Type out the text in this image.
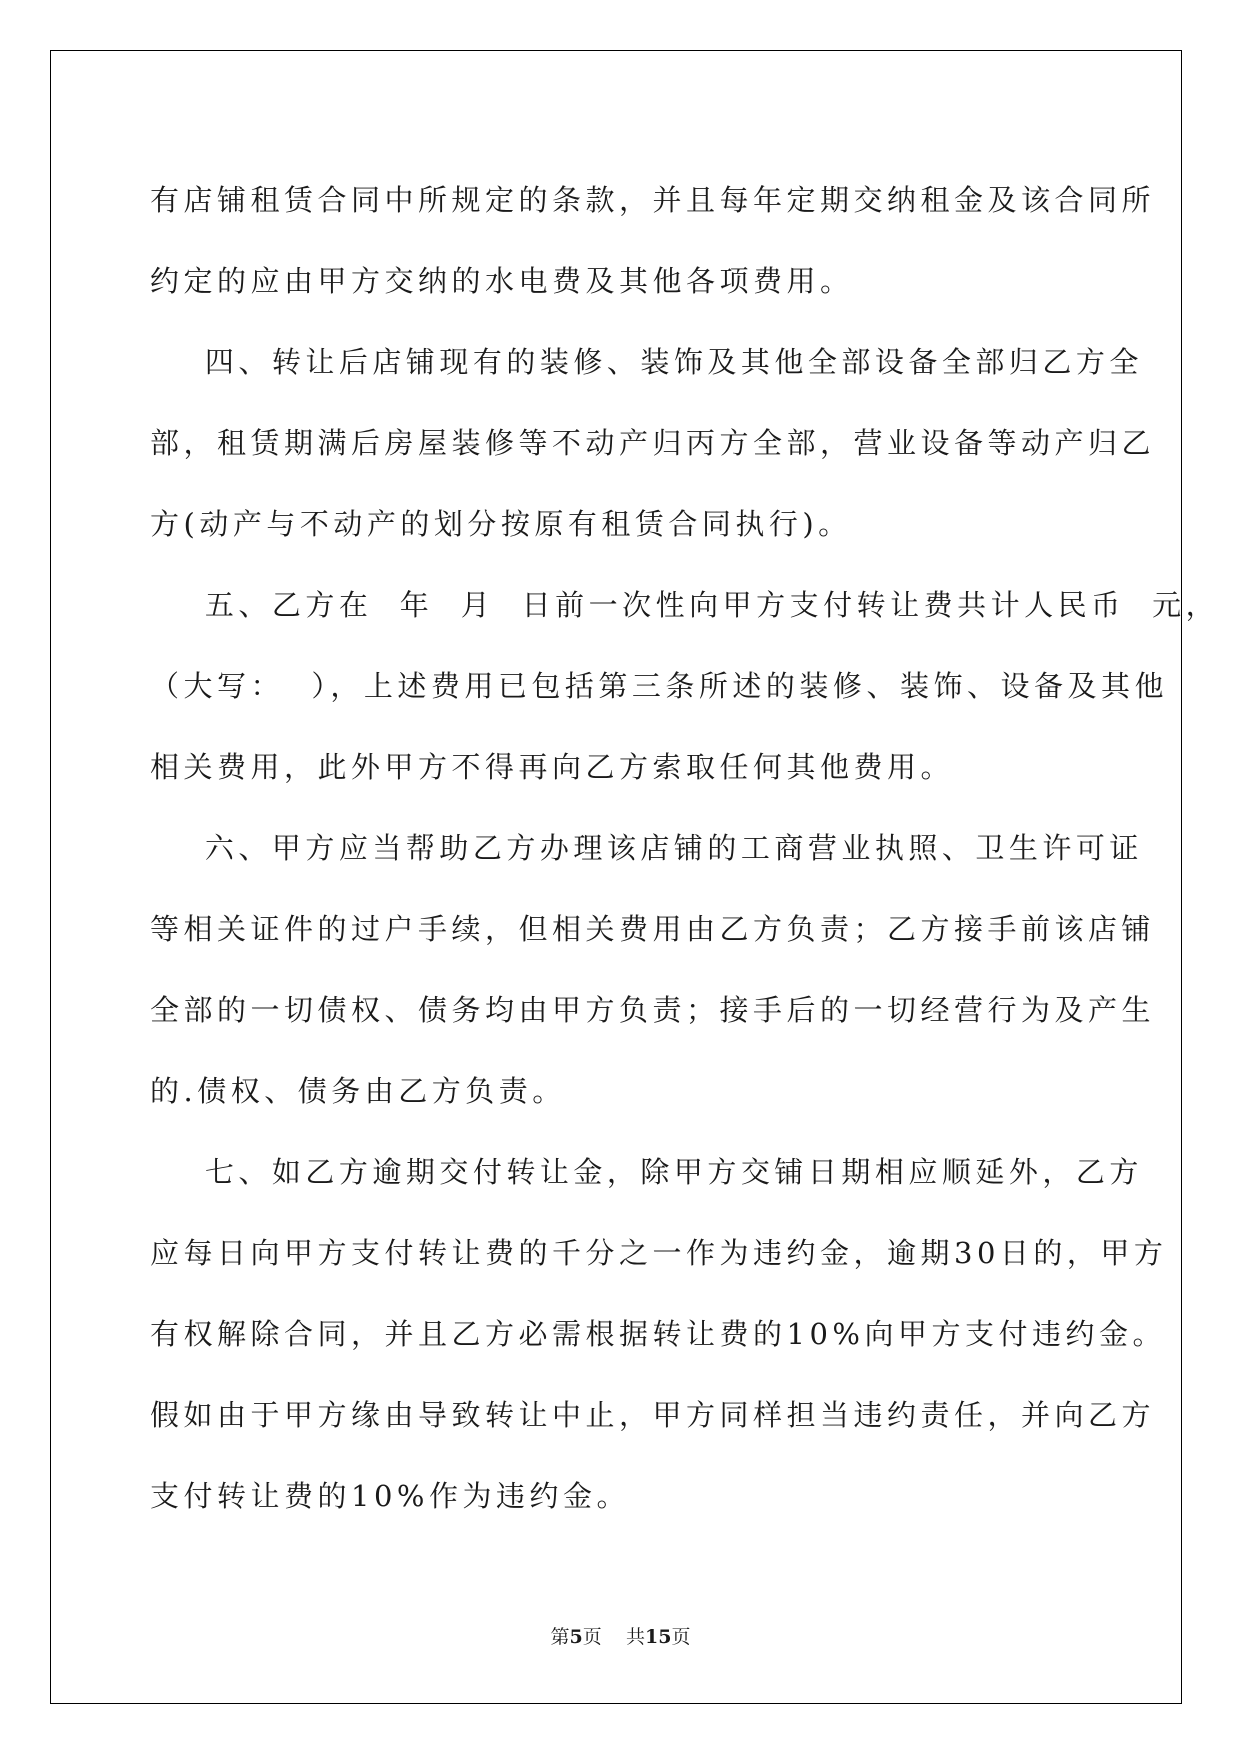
有店铺租赁合同中所规定的条款，并且每年定期交纳租金及该合同所
约定的应由甲方交纳的水电费及其他各项费用。
四、转让后店铺现有的装修、装饰及其他全部设备全部归乙方全
部，租赁期满后房屋装修等不动产归丙方全部，营业设备等动产归乙
方(动产与不动产的划分按原有租赁合同执行)。
五、乙方在  年  月  日前一次性向甲方支付转让费共计人民币  元，
（大写：  ），上述费用已包括第三条所述的装修、装饰、设备及其他
相关费用，此外甲方不得再向乙方索取任何其他费用。
六、甲方应当帮助乙方办理该店铺的工商营业执照、卫生许可证
等相关证件的过户手续，但相关费用由乙方负责；乙方接手前该店铺
全部的一切债权、债务均由甲方负责；接手后的一切经营行为及产生
的.债权、债务由乙方负责。
七、如乙方逾期交付转让金，除甲方交铺日期相应顺延外，乙方
应每日向甲方支付转让费的千分之一作为违约金，逾期30日的，甲方
有权解除合同，并且乙方必需根据转让费的10%向甲方支付违约金。
假如由于甲方缘由导致转让中止，甲方同样担当违约责任，并向乙方
支付转让费的10%作为违约金。
第5页 共15页
